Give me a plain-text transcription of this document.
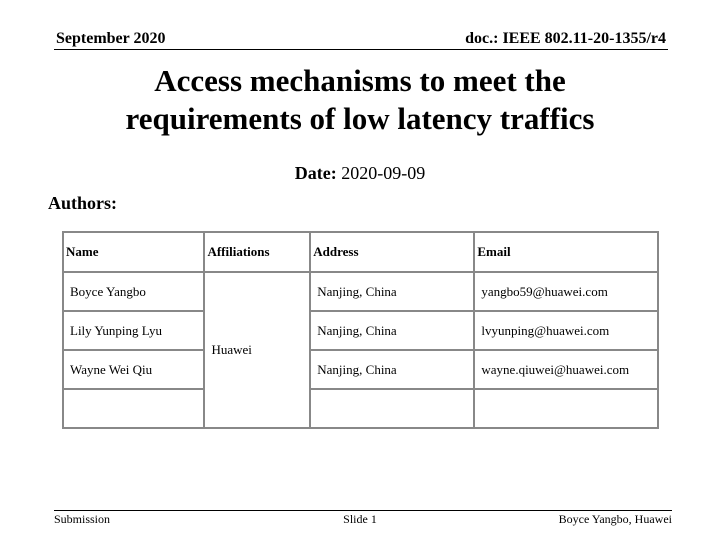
September 2020	doc.: IEEE 802.11-20-1355/r4
Access mechanisms to meet the
requirements of low latency traffics
Date: 2020-09-09
Authors:
Name	Affiliations	Address	Email
Boyce Yangbo	Huawei	Nanjing, China	yangbo59@huawei.com
Lily Yunping Lyu		Nanjing, China	lvyunping@huawei.com
Wayne Wei Qiu		Nanjing, China	wayne.qiuwei@huawei.com

Submission	Slide 1	Boyce Yangbo, Huawei
